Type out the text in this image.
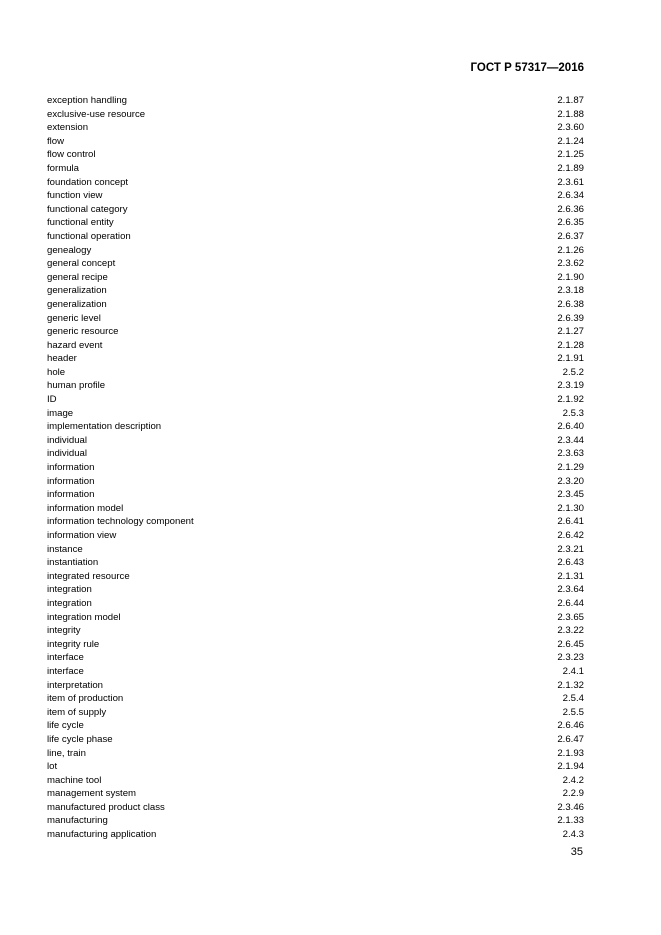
ГОСТ Р 57317—2016
exception handling	2.1.87
exclusive-use resource	2.1.88
extension	2.3.60
flow	2.1.24
flow control	2.1.25
formula	2.1.89
foundation concept	2.3.61
function view	2.6.34
functional category	2.6.36
functional entity	2.6.35
functional operation	2.6.37
genealogy	2.1.26
general concept	2.3.62
general recipe	2.1.90
generalization	2.3.18
generalization	2.6.38
generic level	2.6.39
generic resource	2.1.27
hazard event	2.1.28
header	2.1.91
hole	2.5.2
human profile	2.3.19
ID	2.1.92
image	2.5.3
implementation description	2.6.40
individual	2.3.44
individual	2.3.63
information	2.1.29
information	2.3.20
information	2.3.45
information model	2.1.30
information technology component	2.6.41
information view	2.6.42
instance	2.3.21
instantiation	2.6.43
integrated resource	2.1.31
integration	2.3.64
integration	2.6.44
integration model	2.3.65
integrity	2.3.22
integrity rule	2.6.45
interface	2.3.23
interface	2.4.1
interpretation	2.1.32
item of production	2.5.4
item of supply	2.5.5
life cycle	2.6.46
life cycle phase	2.6.47
line, train	2.1.93
lot	2.1.94
machine tool	2.4.2
management system	2.2.9
manufactured product class	2.3.46
manufacturing	2.1.33
manufacturing application	2.4.3
35
